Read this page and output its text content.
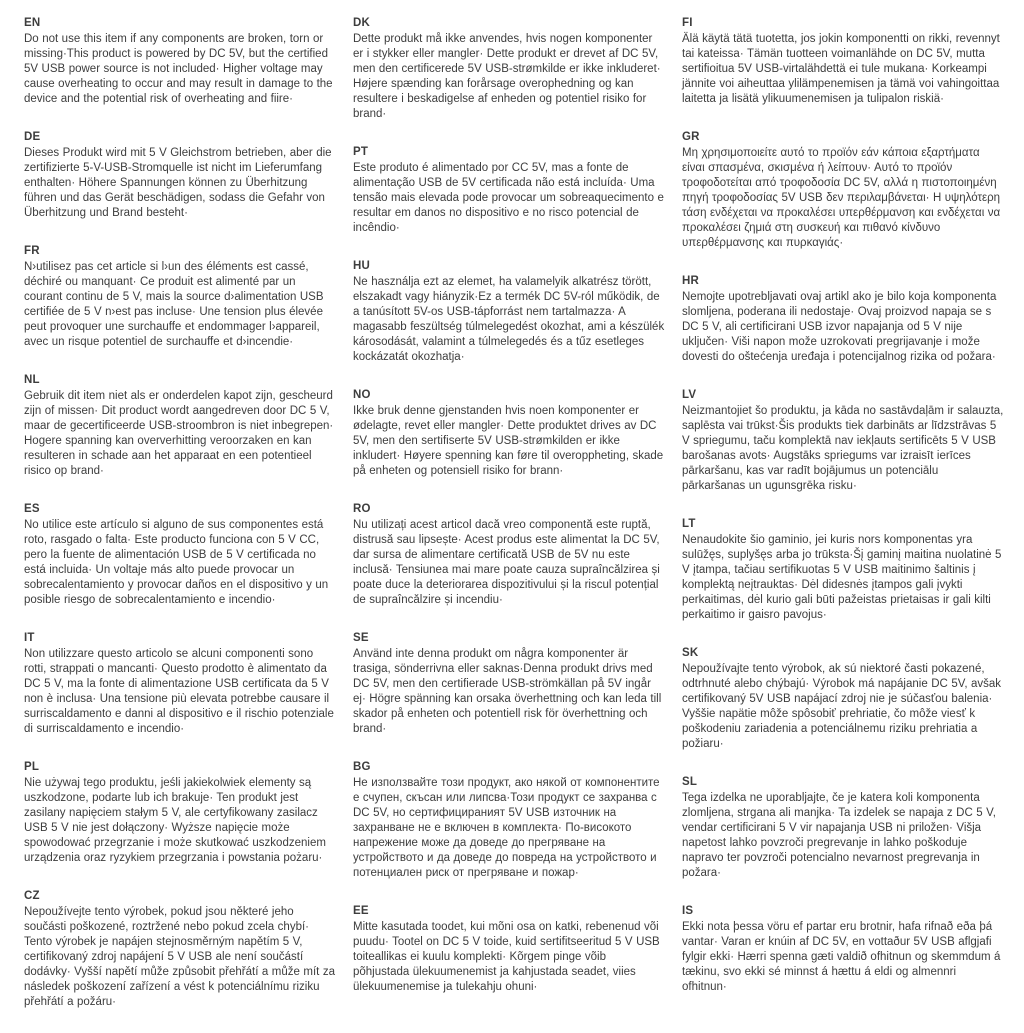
EN

Do not use this item if any components are broken, torn or missing·This product is powered by DC 5V, but the certified 5V USB power source is not included· Higher voltage may cause overheating to occur and may result in damage to the device and the potential risk of overheating and fiire·

DE

Dieses Produkt wird mit 5 V Gleichstrom betrieben, aber die zertifizierte 5-V-USB-Stromquelle ist nicht im Lieferumfang enthalten· Höhere Spannungen können zu Überhitzung führen und das Gerät beschädigen, sodass die Gefahr von Überhitzung und Brand besteht·

FR

N›utilisez pas cet article si l›un des éléments est cassé, déchiré ou manquant· Ce produit est alimenté par un courant continu de 5 V, mais la source d›alimentation USB certifiée de 5 V n›est pas incluse· Une tension plus élevée peut provoquer une surchauffe et endommager l›appareil, avec un risque potentiel de surchauffe et d›incendie·

NL

Gebruik dit item niet als er onderdelen kapot zijn, gescheurd zijn of missen· Dit product wordt aangedreven door DC 5 V, maar de gecertificeerde USB-stroombron is niet inbegrepen· Hogere spanning kan oververhitting veroorzaken en kan resulteren in schade aan het apparaat en een potentieel risico op brand·

ES

No utilice este artículo si alguno de sus componentes está roto, rasgado o falta· Este producto funciona con 5 V CC, pero la fuente de alimentación USB de 5 V certificada no está incluida· Un voltaje más alto puede provocar un sobrecalentamiento y provocar daños en el dispositivo y un posible riesgo de sobrecalentamiento e incendio·

IT

Non utilizzare questo articolo se alcuni componenti sono rotti, strappati o mancanti· Questo prodotto è alimentato da DC 5 V, ma la fonte di alimentazione USB certificata da 5 V non è inclusa· Una tensione più elevata potrebbe causare il surriscaldamento e danni al dispositivo e il rischio potenziale di surriscaldamento e incendio·

PL

Nie używaj tego produktu, jeśli jakiekolwiek elementy są uszkodzone, podarte lub ich brakuje· Ten produkt jest zasilany napięciem stałym 5 V, ale certyfikowany zasilacz USB 5 V nie jest dołączony· Wyższe napięcie może spowodować przegrzanie i może skutkować uszkodzeniem urządzenia oraz ryzykiem przegrzania i powstania pożaru·

CZ

Nepoužívejte tento výrobek, pokud jsou některé jeho součásti poškozené, roztržené nebo pokud zcela chybí· Tento výrobek je napájen stejnosměrným napětím 5 V, certifikovaný zdroj napájení 5 V USB ale není součástí dodávky· Vyšší napětí může způsobit přehřátí a může mít za následek poškození zařízení a vést k potenciálnímu riziku přehřátí a požáru·

DK

Dette produkt må ikke anvendes, hvis nogen komponenter er i stykker eller mangler· Dette produkt er drevet af DC 5V, men den certificerede 5V USB-strømkilde er ikke inkluderet· Højere spænding kan forårsage overophedning og kan resultere i beskadigelse af enheden og potentiel risiko for brand·

PT

Este produto é alimentado por CC 5V, mas a fonte de alimentação USB de 5V certificada não está incluída· Uma tensão mais elevada pode provocar um sobreaquecimento e resultar em danos no dispositivo e no risco potencial de incêndio·

HU

Ne használja ezt az elemet, ha valamelyik alkatrész törött, elszakadt vagy hiányzik·Ez a termék DC 5V-ról működik, de a tanúsított 5V-os USB-tápforrást nem tartalmazza· A magasabb feszültség túlmelegedést okozhat, ami a készülék károsodását, valamint a túlmelegedés és a tűz esetleges kockázatát okozhatja·

NO

Ikke bruk denne gjenstanden hvis noen komponenter er ødelagte, revet eller mangler· Dette produktet drives av DC 5V, men den sertifiserte 5V USB-strømkilden er ikke inkludert· Høyere spenning kan føre til overoppheting, skade på enheten og potensiell risiko for brann·

RO

Nu utilizați acest articol dacă vreo componentă este ruptă, distrusă sau lipsește· Acest produs este alimentat la DC 5V, dar sursa de alimentare certificată USB de 5V nu este inclusă· Tensiunea mai mare poate cauza supraîncălzirea și poate duce la deteriorarea dispozitivului și la riscul potențial de supraîncălzire și incendiu·

SE

Använd inte denna produkt om några komponenter är trasiga, sönderrivna eller saknas·Denna produkt drivs med DC 5V, men den certifierade USB-strömkällan på 5V ingår ej· Högre spänning kan orsaka överhettning och kan leda till skador på enheten och potentiell risk för överhettning och brand·

BG

Не използвайте този продукт, ако някой от компонентите е счупен, скъсан или липсва·Този продукт се захранва с DC 5V, но сертифицираният 5V USB източник на захранване не е включен в комплекта· По-високото напрежение може да доведе до прегряване на устройството и да доведе до повреда на устройството и потенциален риск от прегряване и пожар·

EE

Mitte kasutada toodet, kui mõni osa on katki, rebenenud või puudu· Tootel on DC 5 V toide, kuid sertifitseeritud 5 V USB toiteallikas ei kuulu komplekti· Kõrgem pinge võib põhjustada ülekuumenemist ja kahjustada seadet, viies ülekuumenemise ja tulekahju ohuni·

FI

Älä käytä tätä tuotetta, jos jokin komponentti on rikki, revennyt tai kateissa· Tämän tuotteen voimanlähde on DC 5V, mutta sertifioitua 5V USB-virtalähdettä ei tule mukana· Korkeampi jännite voi aiheuttaa ylilämpenemisen ja tämä voi vahingoittaa laitetta ja lisätä ylikuumenemisen ja tulipalon riskiä·

GR

Μη χρησιμοποιείτε αυτό το προϊόν εάν κάποια εξαρτήματα είναι σπασμένα, σκισμένα ή λείπουν· Αυτό το προϊόν τροφοδοτείται από τροφοδοσία DC 5V, αλλά η πιστοποιημένη πηγή τροφοδοσίας 5V USB δεν περιλαμβάνεται· Η υψηλότερη τάση ενδέχεται να προκαλέσει υπερθέρμανση και ενδέχεται να προκαλέσει ζημιά στη συσκευή και πιθανό κίνδυνο υπερθέρμανσης και πυρκαγιάς·

HR

Nemojte upotrebljavati ovaj artikl ako je bilo koja komponenta slomljena, poderana ili nedostaje· Ovaj proizvod napaja se s DC 5 V, ali certificirani USB izvor napajanja od 5 V nije uključen· Viši napon može uzrokovati pregrijavanje i može dovesti do oštećenja uređaja i potencijalnog rizika od požara·

LV

Neizmantojiet šo produktu, ja kāda no sastāvdaļām ir salauzta, saplēsta vai trūkst·Šis produkts tiek darbināts ar līdzstrāvas 5 V spriegumu, taču komplektā nav iekļauts sertificēts 5 V USB barošanas avots· Augstāks spriegums var izraisīt ierīces pārkaršanu, kas var radīt bojājumus un potenciālu pārkaršanas un ugunsgrēka risku·

LT

Nenaudokite šio gaminio, jei kuris nors komponentas yra sulūžęs, suplyšęs arba jo trūksta·Šį gaminį maitina nuolatinė 5 V įtampa, tačiau sertifikuotas 5 V USB maitinimo šaltinis į komplektą neįtrauktas· Dėl didesnės įtampos gali įvykti perkaitimas, dėl kurio gali būti pažeistas prietaisas ir gali kilti perkaitimo ir gaisro pavojus·

SK

Nepoužívajte tento výrobok, ak sú niektoré časti pokazené, odtrhnuté alebo chýbajú· Výrobok má napájanie DC 5V, avšak certifikovaný 5V USB napájací zdroj nie je súčasťou balenia· Vyššie napätie môže spôsobiť prehriatie, čo môže viesť k poškodeniu zariadenia a potenciálnemu riziku prehriatia a požiaru·

SL

Tega izdelka ne uporabljajte, če je katera koli komponenta zlomljena, strgana ali manjka· Ta izdelek se napaja z DC 5 V, vendar certificirani 5 V vir napajanja USB ni priložen· Višja napetost lahko povzroči pregrevanje in lahko poškoduje napravo ter povzroči potencialno nevarnost pregrevanja in požara·

IS

Ekki nota þessa vöru ef partar eru brotnir, hafa rifnað eða þá vantar· Varan er knúin af DC 5V, en vottaður 5V USB aflgjafi fylgir ekki· Hærri spenna gæti valdið ofhitnun og skemmdum á tækinu, svo ekki sé minnst á hættu á eldi og almennri ofhitnun·
